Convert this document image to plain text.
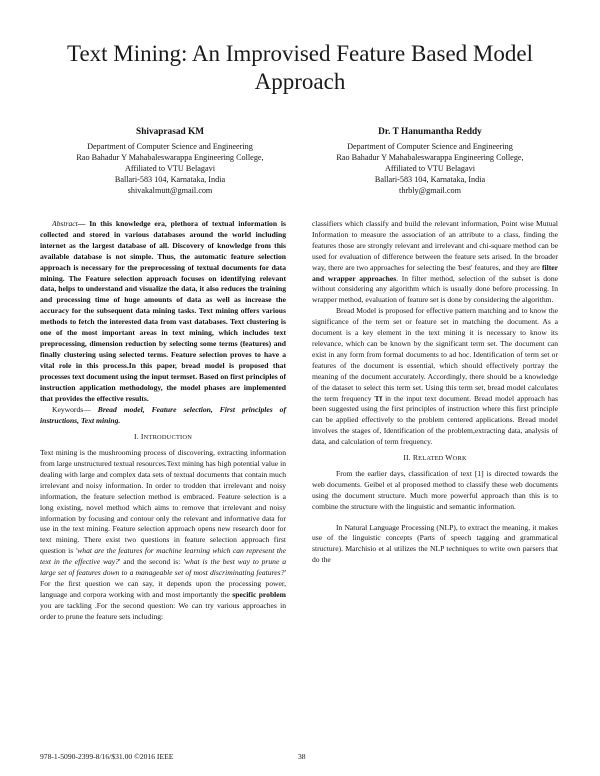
Text Mining: An Improvised Feature Based Model Approach
Shivaprasad KM
Department of Computer Science and Engineering
Rao Bahadur Y Mahabaleswarappa Engineering College,
Affiliated to VTU Belagavi
Ballari-583 104, Karnataka, India
shivakalmutt@gmail.com
Dr. T Hanumantha Reddy
Department of Computer Science and Engineering
Rao Bahadur Y Mahabaleswarappa Engineering College,
Affiliated to VTU Belagavi
Ballari-583 104, Karnataka, India
thrbly@gmail.com

Abstract— In this knowledge era, plethora of textual information is collected and stored in various databases around the world including internet as the largest database of all. Discovery of knowledge from this available database is not simple. Thus, the automatic feature selection approach is necessary for the preprocessing of textual documents for data mining. The Feature selection approach focuses on identifying relevant data, helps to understand and visualize the data, it also reduces the training and processing time of huge amounts of data as well as increase the accuracy for the subsequent data mining tasks. Text mining offers various methods to fetch the interested data from vast databases. Text clustering is one of the most important areas in text mining, which includes text preprocessing, dimension reduction by selecting some terms (features) and finally clustering using selected terms. Feature selection proves to have a vital role in this process.In this paper, bread model is proposed that processes text document using the input termset. Based on first principles of instruction application methodology, the model phases are implemented that provides the effective results.

Keywords— Bread model, Feature selection, First principles of instructions, Text mining.

I. INTRODUCTION

Text mining is the mushrooming process of discovering, extracting information from large unstructured textual resources.Text mining has high potential value in dealing with large and complex data sets of textual documents that contain much irrelevant and noisy information. In order to trodden that irrelevant and noisy information, the feature selection method is embraced. Feature selection is a long existing, novel method which aims to remove that irrelevant and noisy information by focusing and contour only the relevant and informative data for use in the text mining. Feature selection approach opens new research door for text mining. There exist two questions in feature selection approach first question is 'what are the features for machine learning which can represent the text in the effective way?' and the second is: 'what is the best way to prune a large set of features down to a manageable set of most discriminating features?' For the first question we can say, it depends upon the processing power, language and corpora working with and most importantly the specific problem you are tackling .For the second question: We can try various approaches in order to prune the feature sets including:

classifiers which classify and build the relevant information, Point wise Mutual Information to measure the association of an attribute to a class, finding the features those are strongly relevant and irrelevant and chi-square method can be used for evaluation of difference between the feature sets arised. In the broader way, there are two approaches for selecting the 'best' features, and they are filter and wrapper approaches. In filter method, selection of the subset is done without considering any algorithm which is usually done before processing. In wrapper method, evaluation of feature set is done by considering the algorithm.

Bread Model is proposed for effective pattern matching and to know the significance of the term set or feature set in matching the document. As a document is a key element in the text mining it is necessary to know its relevance, which can be known by the significant term set. The document can exist in any form from formal documents to ad hoc. Identification of term set or features of the document is essential, which should effectively portray the meaning of the document accurately. Accordingly, there should be a knowledge of the dataset to select this term set. Using this term set, bread model calculates the term frequency Tf in the input text document. Bread model approach has been suggested using the first principles of instruction where this first principle can be applied effectively to the problem centered applications. Bread model involves the stages of, Identification of the problem,extracting data, analysis of data, and calculation of term frequency.

II. RELATED WORK

From the earlier days, classification of text [1] is directed towards the web documents. Geibel et al proposed method to classify these web documents using the document structure. Much more powerful approach than this is to combine the structure with the linguistic and semantic information.

In Natural Language Processing (NLP), to extract the meaning, it makes use of the linguistic concepts (Parts of speech tagging and grammatical structure). Marchisio et al utilizes the NLP techniques to write own parsers that do the

978-1-5090-2399-8/16/$31.00 ©2016 IEEE	38
